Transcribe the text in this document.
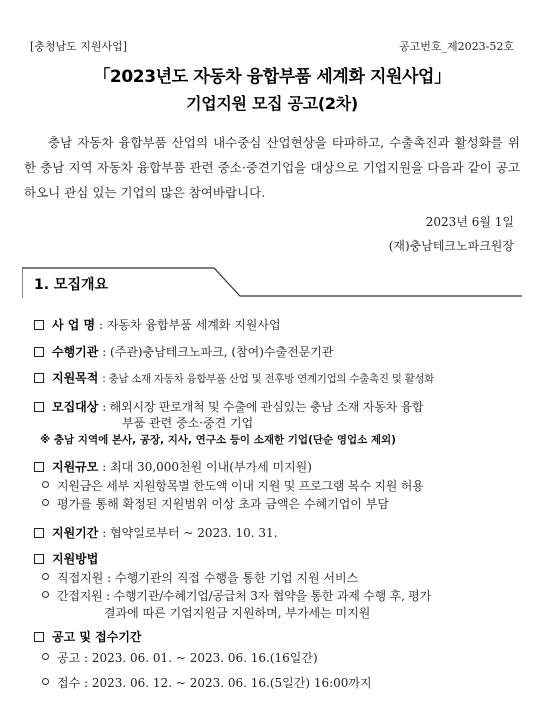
[충청남도 지원사업]	공고번호_제2023-52호
「2023년도 자동차 융합부품 세계화 지원사업」
기업지원 모집 공고(2차)
충남 자동차 융합부품 산업의 내수중심 산업현상을 타파하고, 수출촉진과 활성화를 위한 충남 지역 자동차 융합부품 관련 중소·중견기업을 대상으로 기업지원을 다음과 같이 공고하오니 관심 있는 기업의 많은 참여바랍니다.
2023년 6월 1일
(재)충남테크노파크원장
1. 모집개요
사 업 명 : 자동차 융합부품 세계화 지원사업
수행기관 : (주관)충남테크노파크, (참여)수출전문기관
지원목적 : 충남 소재 자동차 융합부품 산업 및 전후방 연계기업의 수출촉진 및 활성화
모집대상 : 해외시장 판로개척 및 수출에 관심있는 충남 소재 자동차 융합
부품 관련 중소·중견 기업
※ 충남 지역에 본사, 공장, 지사, 연구소 등이 소재한 기업(단순 영업소 제외)
지원규모 : 최대 30,000천원 이내(부가세 미지원)
지원금은 세부 지원항목별 한도액 이내 지원 및 프로그램 복수 지원 허용
평가를 통해 확정된 지원범위 이상 초과 금액은 수혜기업이 부담
지원기간 : 협약일로부터 ~ 2023. 10. 31.
지원방법
직접지원 : 수행기관의 직접 수행을 통한 기업 지원 서비스
간접지원 : 수행기관/수혜기업/공급처 3자 협약을 통한 과제 수행 후, 평가
결과에 따른 기업지원금 지원하며, 부가세는 미지원
공고 및 접수기간
공고 : 2023. 06. 01. ~ 2023. 06. 16.(16일간)
접수 : 2023. 06. 12. ~ 2023. 06. 16.(5일간) 16:00까지
